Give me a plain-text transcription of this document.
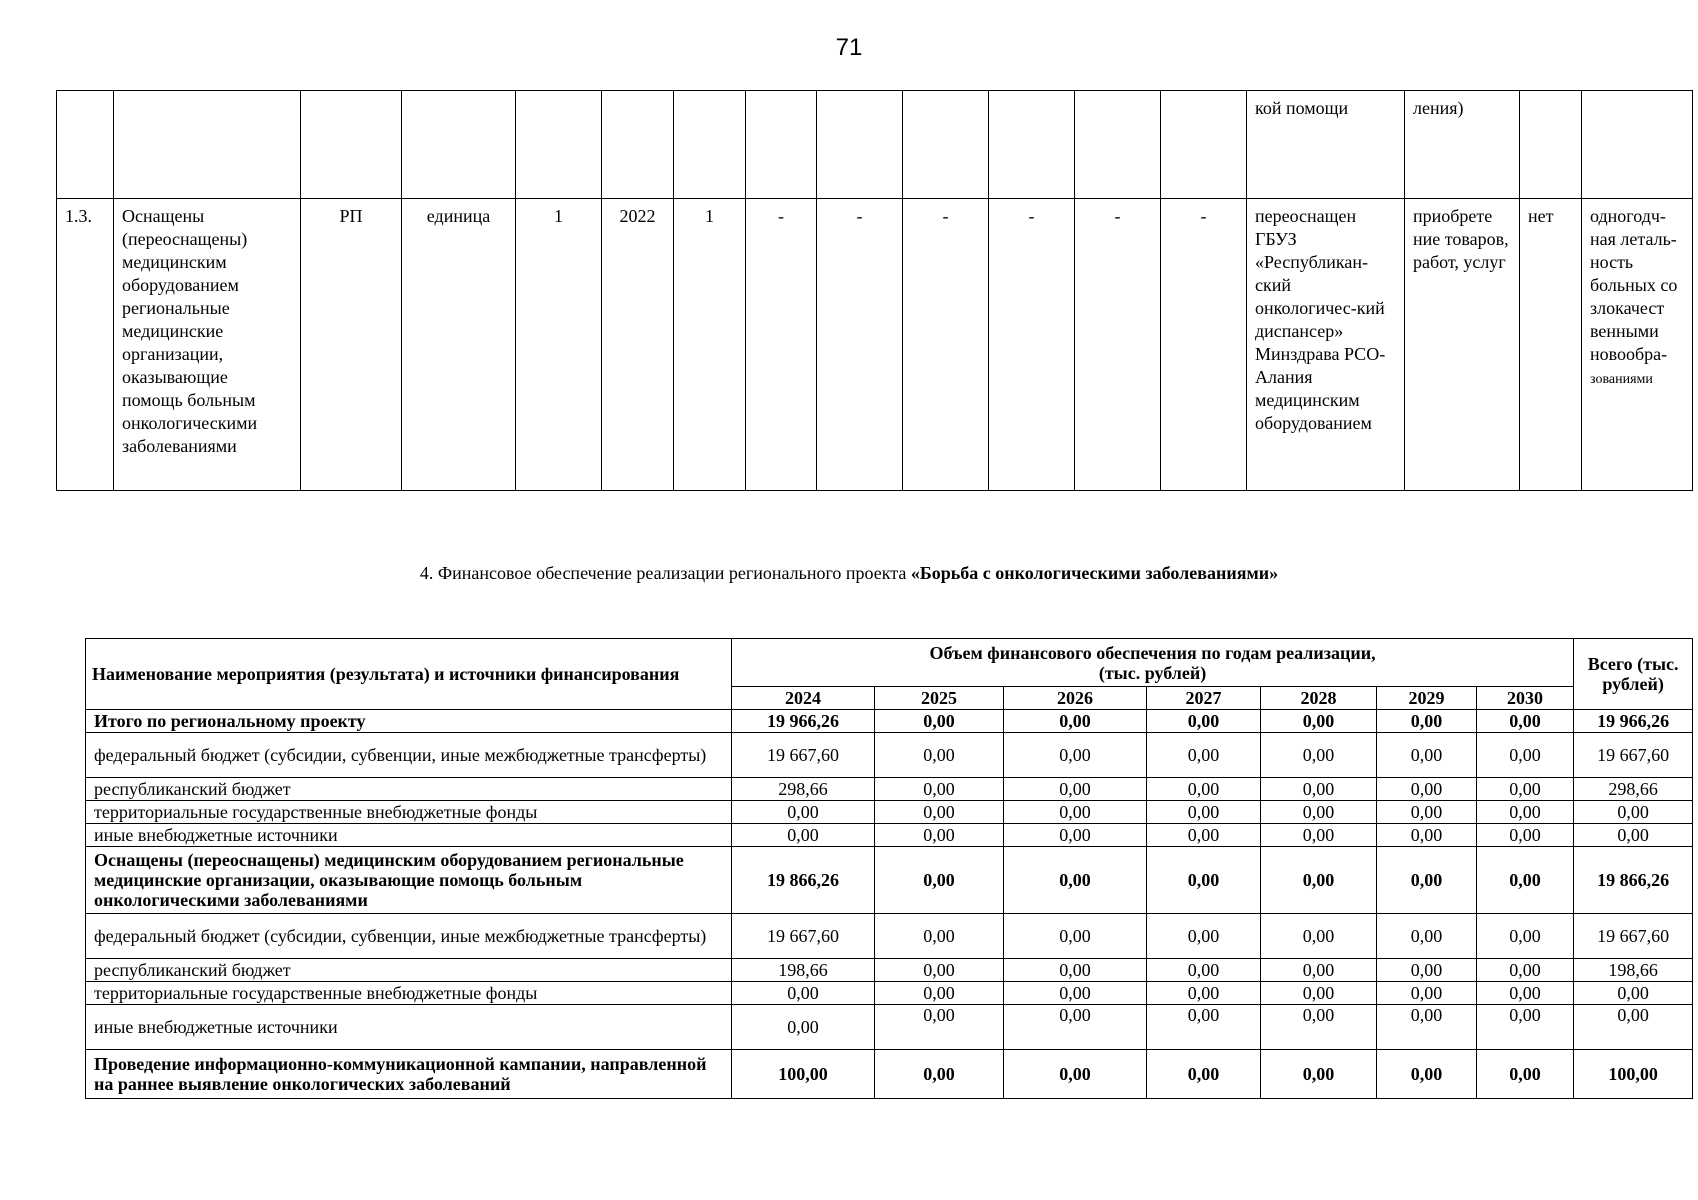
71
													кой помощи	ления)		
1.3.	Оснащены (переоснащены) медицинским оборудованием региональные медицинские организации, оказывающие помощь больным онкологическими заболеваниями	РП	единица	1	2022	1	-	-	-	-	-	-	переоснащен ГБУЗ «Республикан-ский онкологичес-кий диспансер» Минздрава РСО- Алания медицинским оборудованием	приобрете ние товаров, работ, услуг	нет	одногодч-ная леталь-ность больных со злокачест венными новообра-
зованиями
4. Финансовое обеспечение реализации регионального проекта «Борьба с онкологическими заболеваниями»
Наименование мероприятия (результата) и источники финансирования	Объем финансового обеспечения по годам реализации, (тыс. рублей)							Всего (тыс. рублей)
	2024	2025	2026	2027	2028	2029	2030	
Итого по региональному проекту	19 966,26	0,00	0,00	0,00	0,00	0,00	0,00	19 966,26
федеральный бюджет (субсидии, субвенции, иные межбюджетные трансферты)	19 667,60	0,00	0,00	0,00	0,00	0,00	0,00	19 667,60
республиканский бюджет	298,66	0,00	0,00	0,00	0,00	0,00	0,00	298,66
территориальные государственные внебюджетные фонды	0,00	0,00	0,00	0,00	0,00	0,00	0,00	0,00
иные внебюджетные источники	0,00	0,00	0,00	0,00	0,00	0,00	0,00	0,00
Оснащены (переоснащены) медицинским оборудованием региональные медицинские организации, оказывающие помощь больным онкологическими заболеваниями	19 866,26	0,00	0,00	0,00	0,00	0,00	0,00	19 866,26
федеральный бюджет (субсидии, субвенции, иные межбюджетные трансферты)	19 667,60	0,00	0,00	0,00	0,00	0,00	0,00	19 667,60
республиканский бюджет	198,66	0,00	0,00	0,00	0,00	0,00	0,00	198,66
территориальные государственные внебюджетные фонды	0,00	0,00	0,00	0,00	0,00	0,00	0,00	0,00
иные внебюджетные источники	0,00	0,00	0,00	0,00	0,00	0,00	0,00	0,00
Проведение информационно-коммуникационной кампании, направленной на раннее выявление онкологических заболеваний	100,00	0,00	0,00	0,00	0,00	0,00	0,00	100,00
